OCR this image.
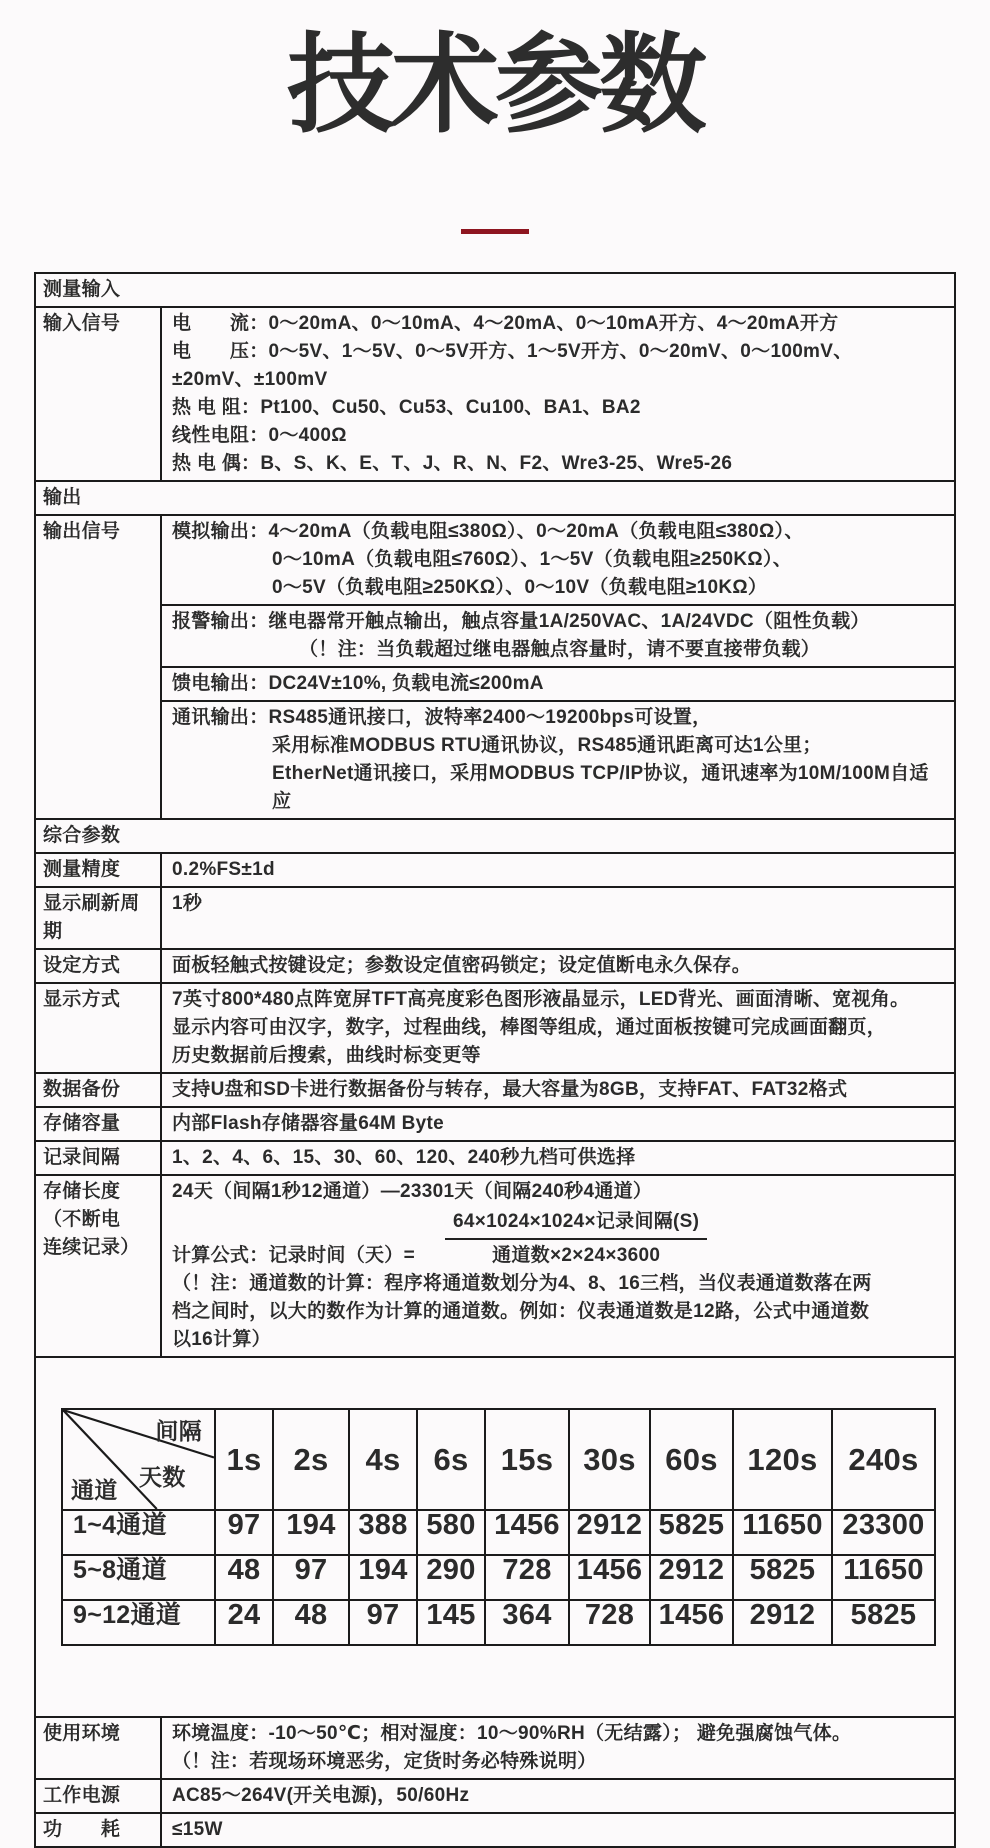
技术参数
测量输入
输入信号	电　　流：0～20mA、0～10mA、4～20mA、0～10mA开方、4～20mA开方
电　　压：0～5V、1～5V、0～5V开方、1～5V开方、0～20mV、0～100mV、
±20mV、±100mV
热 电 阻：Pt100、Cu50、Cu53、Cu100、BA1、BA2
线性电阻：0～400Ω
热 电 偶：B、S、K、E、T、J、R、N、F2、Wre3-25、Wre5-26

输出
输出信号	模拟输出：4～20mA（负载电阻≤380Ω）、0～20mA（负载电阻≤380Ω）、
0～10mA（负载电阻≤760Ω）、1～5V（负载电阻≥250KΩ）、
0～5V（负载电阻≥250KΩ）、0～10V（负载电阻≥10KΩ）

报警输出：继电器常开触点输出，触点容量1A/250VAC、1A/24VDC（阻性负载）
（！注：当负载超过继电器触点容量时，请不要直接带负载）

馈电输出：DC24V±10%, 负载电流≤200mA

通讯输出：RS485通讯接口，波特率2400～19200bps可设置，
采用标准MODBUS RTU通讯协议，RS485通讯距离可达1公里；
EtherNet通讯接口，采用MODBUS TCP/IP协议，通讯速率为10M/100M自适应

综合参数
测量精度	0.2%FS±1d
显示刷新周期	1秒
设定方式	面板轻触式按键设定；参数设定值密码锁定；设定值断电永久保存。
显示方式	7英寸800*480点阵宽屏TFT高亮度彩色图形液晶显示，LED背光、画面清晰、宽视角。
显示内容可由汉字，数字，过程曲线，棒图等组成，通过面板按键可完成画面翻页，
历史数据前后搜索，曲线时标变更等

数据备份	支持U盘和SD卡进行数据备份与转存，最大容量为8GB，支持FAT、FAT32格式
存储容量	内部Flash存储器容量64M Byte
记录间隔	1、2、4、6、15、30、60、120、240秒九档可供选择

存储长度
（不断电
连续记录）

24天（间隔1秒12通道）—23301天（间隔240秒4通道）
计算公式：记录时间（天）= $\frac{\text{64×1024×1024×记录间隔(S)}}{\text{通道数×2×24×3600}}$
（！注：通道数的计算：程序将通道数划分为4、8、16三档，当仪表通道数落在两
档之间时，以大的数作为计算的通道数。例如：仪表通道数是12路，公式中通道数
以16计算）

间隔
天数
通道
	1s	2s	4s	6s	15s	30s	60s	120s	240s
1~4通道	97	194	388	580	1456	2912	5825	11650	23300
5~8通道	48	97	194	290	728	1456	2912	5825	11650
9~12通道	24	48	97	145	364	728	1456	2912	5825

使用环境	环境温度：-10～50℃；相对湿度：10～90%RH（无结露）； 避免强腐蚀气体。
（！注：若现场环境恶劣，定货时务必特殊说明）

工作电源	AC85～264V(开关电源)，50/60Hz
功　　耗	≤15W
